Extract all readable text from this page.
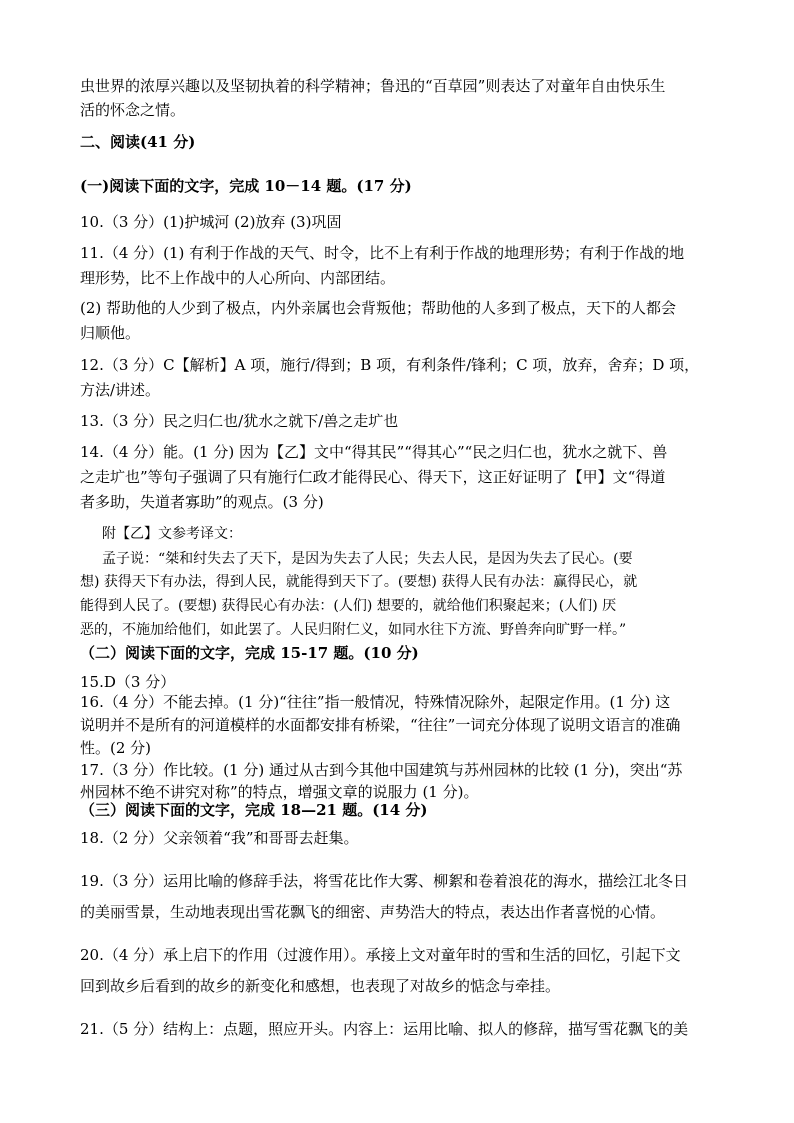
虫世界的浓厚兴趣以及坚韧执着的科学精神；鲁迅的“百草园”则表达了对童年自由快乐生
活的怀念之情。
二、阅读(41 分)
(一)阅读下面的文字，完成 10－14 题。(17 分)
10.（3 分）(1)护城河 (2)放弃 (3)巩固
11.（4 分）(1) 有利于作战的天气、时令，比不上有利于作战的地理形势；有利于作战的地
理形势，比不上作战中的人心所向、内部团结。
(2) 帮助他的人少到了极点，内外亲属也会背叛他；帮助他的人多到了极点，天下的人都会
归顺他。
12.（3 分）C【解析】A 项，施行/得到；B 项，有利条件/锋利；C 项，放弃，舍弃；D 项，
方法/讲述。
13.（3 分）民之归仁也/犹水之就下/兽之走圹也
14.（4 分）能。(1 分) 因为【乙】文中“得其民”“得其心”“民之归仁也，犹水之就下、兽
之走圹也”等句子强调了只有施行仁政才能得民心、得天下，这正好证明了【甲】文“得道
者多助，失道者寡助”的观点。(3 分)
附【乙】文参考译文：
孟子说：“桀和纣失去了天下，是因为失去了人民；失去人民，是因为失去了民心。(要
想) 获得天下有办法，得到人民，就能得到天下了。(要想) 获得人民有办法：赢得民心，就
能得到人民了。(要想) 获得民心有办法：(人们) 想要的，就给他们积聚起来；(人们) 厌
恶的，不施加给他们，如此罢了。人民归附仁义，如同水往下方流、野兽奔向旷野一样。”
（二）阅读下面的文字，完成 15-17 题。(10 分)
15.D（3 分）
16.（4 分）不能去掉。(1 分)“往往”指一般情况，特殊情况除外，起限定作用。(1 分) 这
说明并不是所有的河道模样的水面都安排有桥梁，“往往”一词充分体现了说明文语言的准确
性。(2 分)
17.（3 分）作比较。(1 分) 通过从古到今其他中国建筑与苏州园林的比较 (1 分)，突出“苏
州园林不绝不讲究对称”的特点，增强文章的说服力 (1 分)。
（三）阅读下面的文字，完成 18—21 题。(14 分)
18.（2 分）父亲领着“我”和哥哥去赶集。
19.（3 分）运用比喻的修辞手法，将雪花比作大雾、柳絮和卷着浪花的海水，描绘江北冬日
的美丽雪景，生动地表现出雪花飘飞的细密、声势浩大的特点，表达出作者喜悦的心情。
20.（4 分）承上启下的作用（过渡作用）。承接上文对童年时的雪和生活的回忆，引起下文
回到故乡后看到的故乡的新变化和感想，也表现了对故乡的惦念与牵挂。
21.（5 分）结构上：点题，照应开头。内容上：运用比喻、拟人的修辞，描写雪花飘飞的美
